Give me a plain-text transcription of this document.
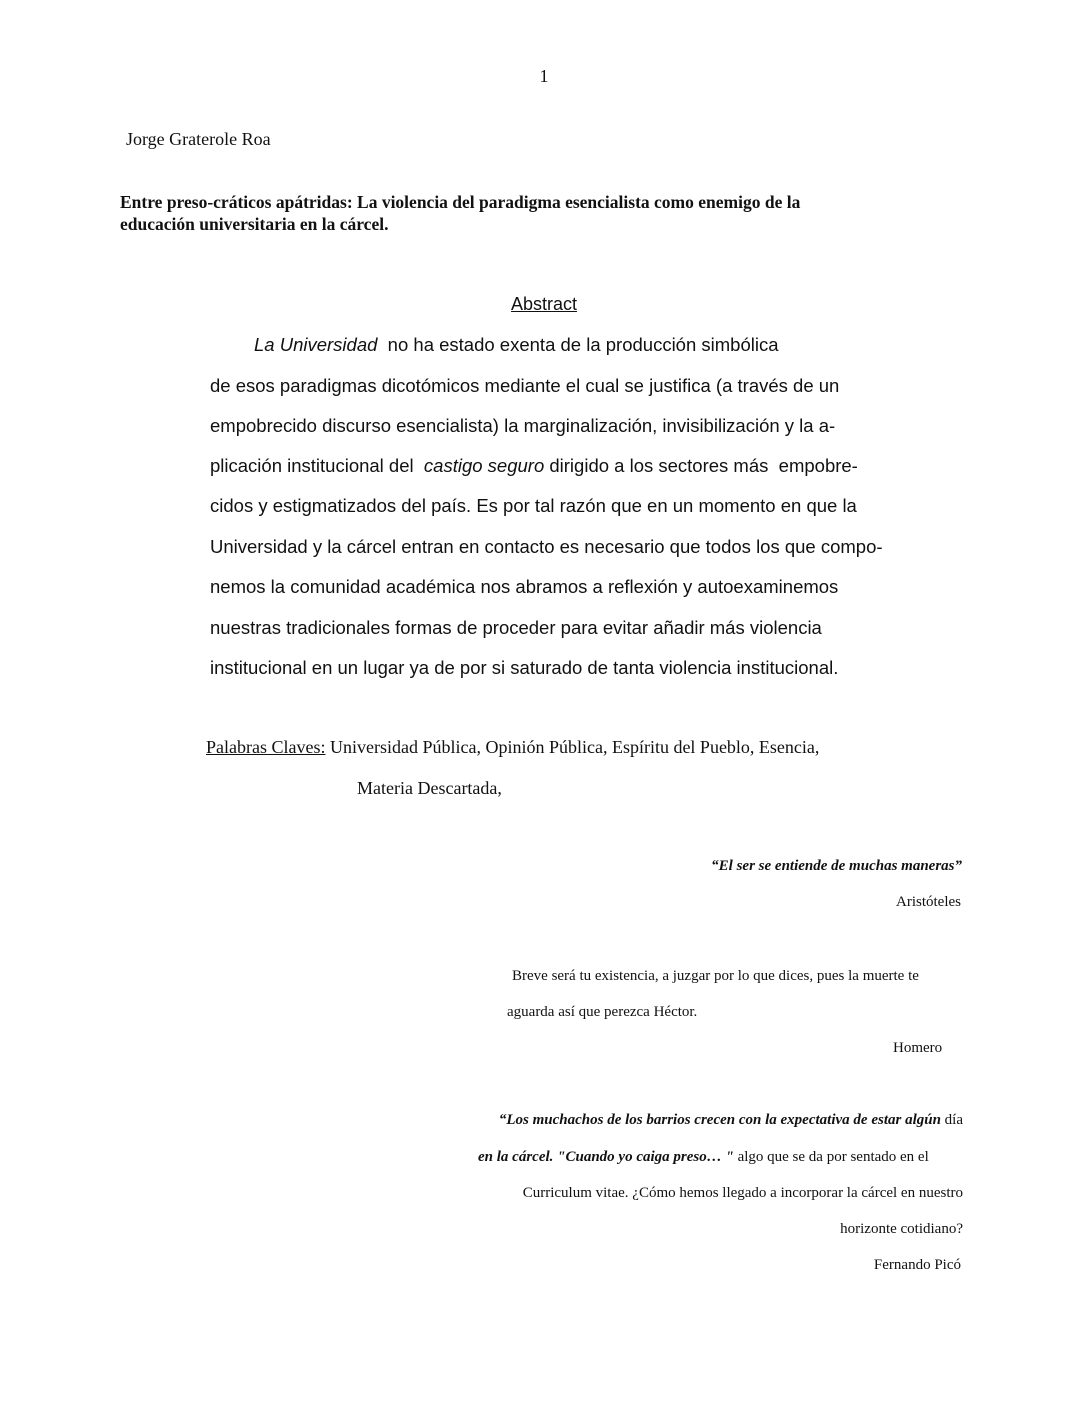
1
Jorge Graterole Roa
Entre preso-cráticos apátridas: La violencia del paradigma esencialista como enemigo de la
educación universitaria en la cárcel.
Abstract
La Universidad  no ha estado exenta de la producción simbólica
de esos paradigmas dicotómicos mediante el cual se justifica (a través de un
empobrecido discurso esencialista) la marginalización, invisibilización y la a-
plicación institucional del  castigo seguro dirigido a los sectores más  empobre-
cidos y estigmatizados del país. Es por tal razón que en un momento en que la
Universidad y la cárcel entran en contacto es necesario que todos los que compo-
nemos la comunidad académica nos abramos a reflexión y autoexaminemos
nuestras tradicionales formas de proceder para evitar añadir más violencia
institucional en un lugar ya de por si saturado de tanta violencia institucional.
Palabras Claves: Universidad Pública, Opinión Pública, Espíritu del Pueblo, Esencia,
Materia Descartada,
“El ser se entiende de muchas maneras”
Aristóteles
Breve será tu existencia, a juzgar por lo que dices, pues la muerte te
aguarda así que perezca Héctor.
Homero
“Los muchachos de los barrios crecen con la expectativa de estar algún día
en la cárcel. "Cuando yo caiga preso… " algo que se da por sentado en el
Curriculum vitae. ¿Cómo hemos llegado a incorporar la cárcel en nuestro
horizonte cotidiano?
Fernando Picó
